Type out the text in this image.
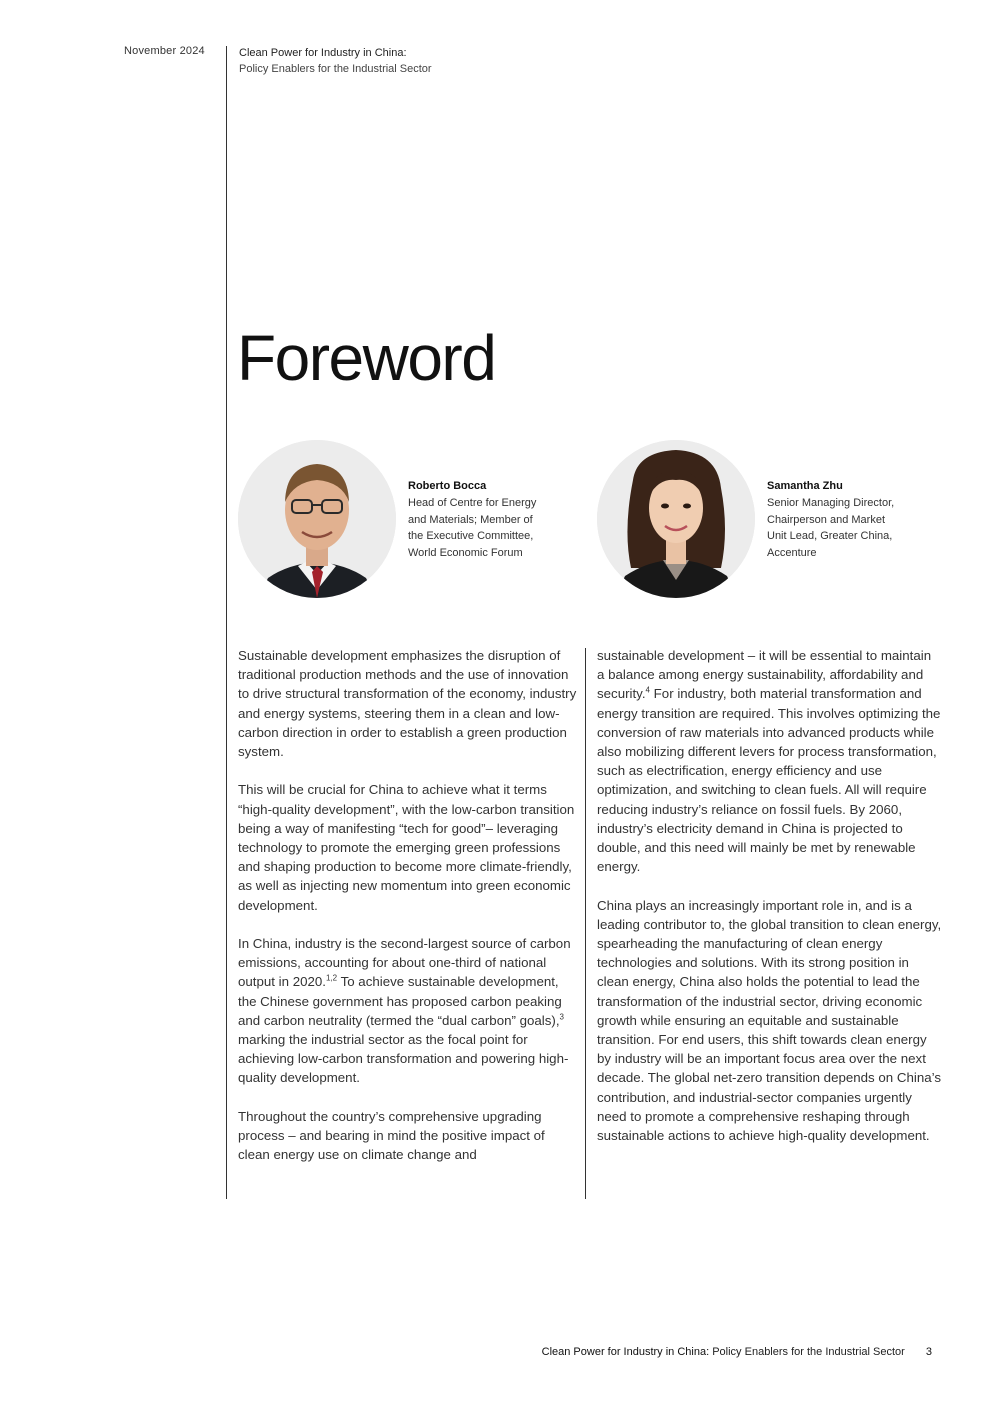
November 2024	Clean Power for Industry in China:
Policy Enablers for the Industrial Sector
Foreword
Roberto Bocca
Head of Centre for Energy
and Materials; Member of
the Executive Committee,
World Economic Forum
Samantha Zhu
Senior Managing Director,
Chairperson and Market
Unit Lead, Greater China,
Accenture

Sustainable development emphasizes the disruption of traditional production methods and the use of innovation to drive structural transformation of the economy, industry and energy systems, steering them in a clean and low-carbon direction in order to establish a green production system.

This will be crucial for China to achieve what it terms “high-quality development”, with the low-carbon transition being a way of manifesting “tech for good”– leveraging technology to promote the emerging green professions and shaping production to become more climate-friendly, as well as injecting new momentum into green economic development.

In China, industry is the second-largest source of carbon emissions, accounting for about one-third of national output in 2020.$^{1,2}$ To achieve sustainable development, the Chinese government has proposed carbon peaking and carbon neutrality (termed the “dual carbon” goals),$^3$ marking the industrial sector as the focal point for achieving low-carbon transformation and powering high-quality development.

Throughout the country’s comprehensive upgrading process – and bearing in mind the positive impact of clean energy use on climate change and

sustainable development – it will be essential to maintain a balance among energy sustainability, affordability and security.$^4$ For industry, both material transformation and energy transition are required. This involves optimizing the conversion of raw materials into advanced products while also mobilizing different levers for process transformation, such as electrification, energy efficiency and use optimization, and switching to clean fuels. All will require reducing industry’s reliance on fossil fuels. By 2060, industry’s electricity demand in China is projected to double, and this need will mainly be met by renewable energy.

China plays an increasingly important role in, and is a leading contributor to, the global transition to clean energy, spearheading the manufacturing of clean energy technologies and solutions. With its strong position in clean energy, China also holds the potential to lead the transformation of the industrial sector, driving economic growth while ensuring an equitable and sustainable transition. For end users, this shift towards clean energy by industry will be an important focus area over the next decade. The global net-zero transition depends on China’s contribution, and industrial-sector companies urgently need to promote a comprehensive reshaping through sustainable actions to achieve high-quality development.

Clean Power for Industry in China: Policy Enablers for the Industrial Sector 3
